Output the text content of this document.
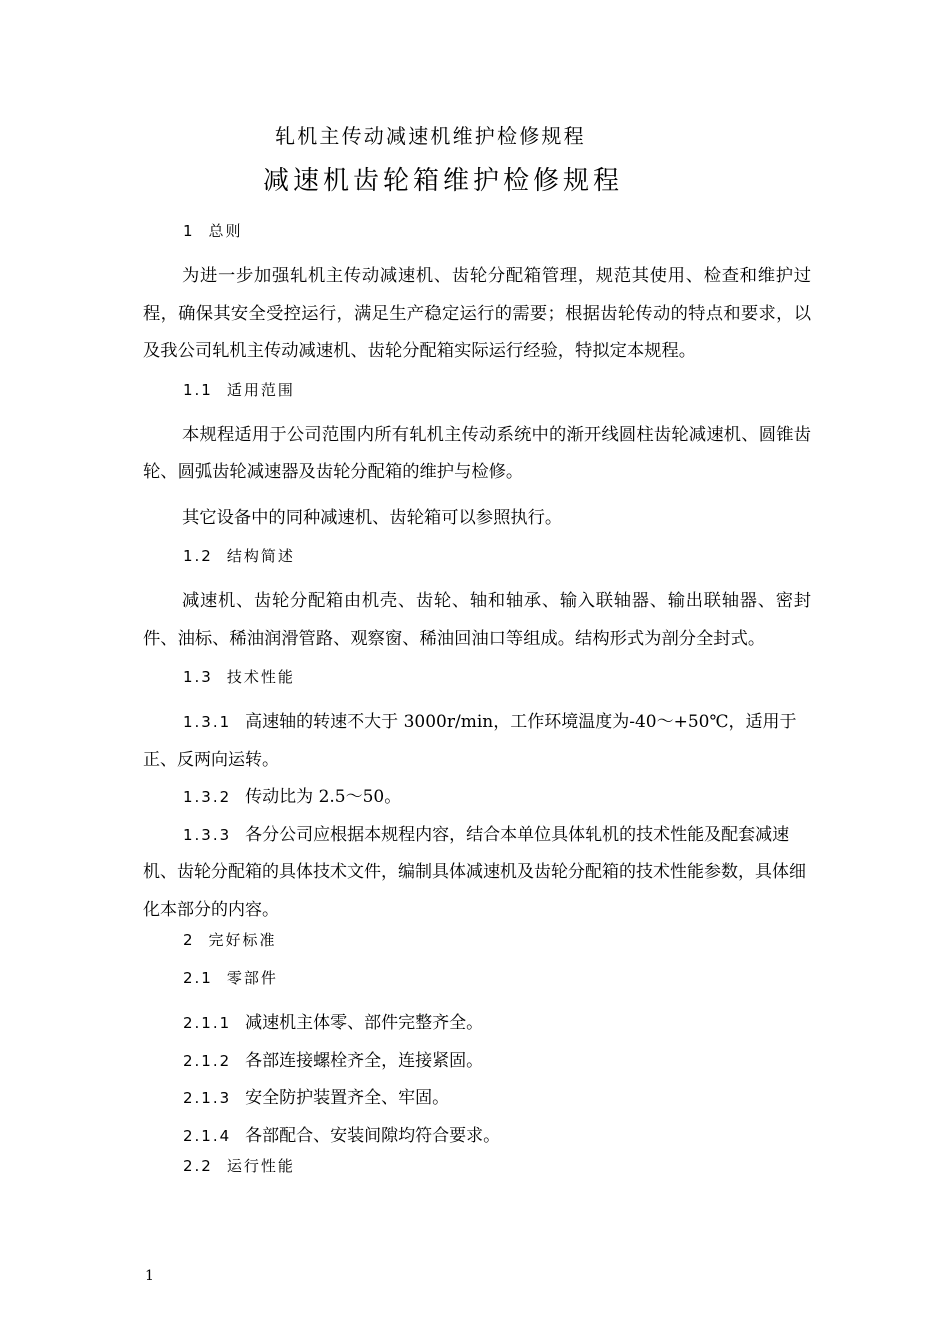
轧机主传动减速机维护检修规程
减速机齿轮箱维护检修规程
1 总则

为进一步加强轧机主传动减速机、齿轮分配箱管理，规范其使用、检查和维护过程，确保其安全受控运行，满足生产稳定运行的需要；根据齿轮传动的特点和要求，以及我公司轧机主传动减速机、齿轮分配箱实际运行经验，特拟定本规程。

1.1 适用范围

本规程适用于公司范围内所有轧机主传动系统中的渐开线圆柱齿轮减速机、圆锥齿轮、圆弧齿轮减速器及齿轮分配箱的维护与检修。

其它设备中的同种减速机、齿轮箱可以参照执行。

1.2 结构简述

减速机、齿轮分配箱由机壳、齿轮、轴和轴承、输入联轴器、输出联轴器、密封件、油标、稀油润滑管路、观察窗、稀油回油口等组成。结构形式为剖分全封式。

1.3 技术性能

1.3.1 高速轴的转速不大于 3000r/min，工作环境温度为-40～+50℃，适用于正、反两向运转。

1.3.2 传动比为 2.5～50。

1.3.3 各分公司应根据本规程内容，结合本单位具体轧机的技术性能及配套减速机、齿轮分配箱的具体技术文件，编制具体减速机及齿轮分配箱的技术性能参数，具体细化本部分的内容。

2 完好标准
2.1 零部件

2.1.1 减速机主体零、部件完整齐全。

2.1.2 各部连接螺栓齐全，连接紧固。

2.1.3 安全防护装置齐全、牢固。

2.1.4 各部配合、安装间隙均符合要求。

2.2 运行性能
1
